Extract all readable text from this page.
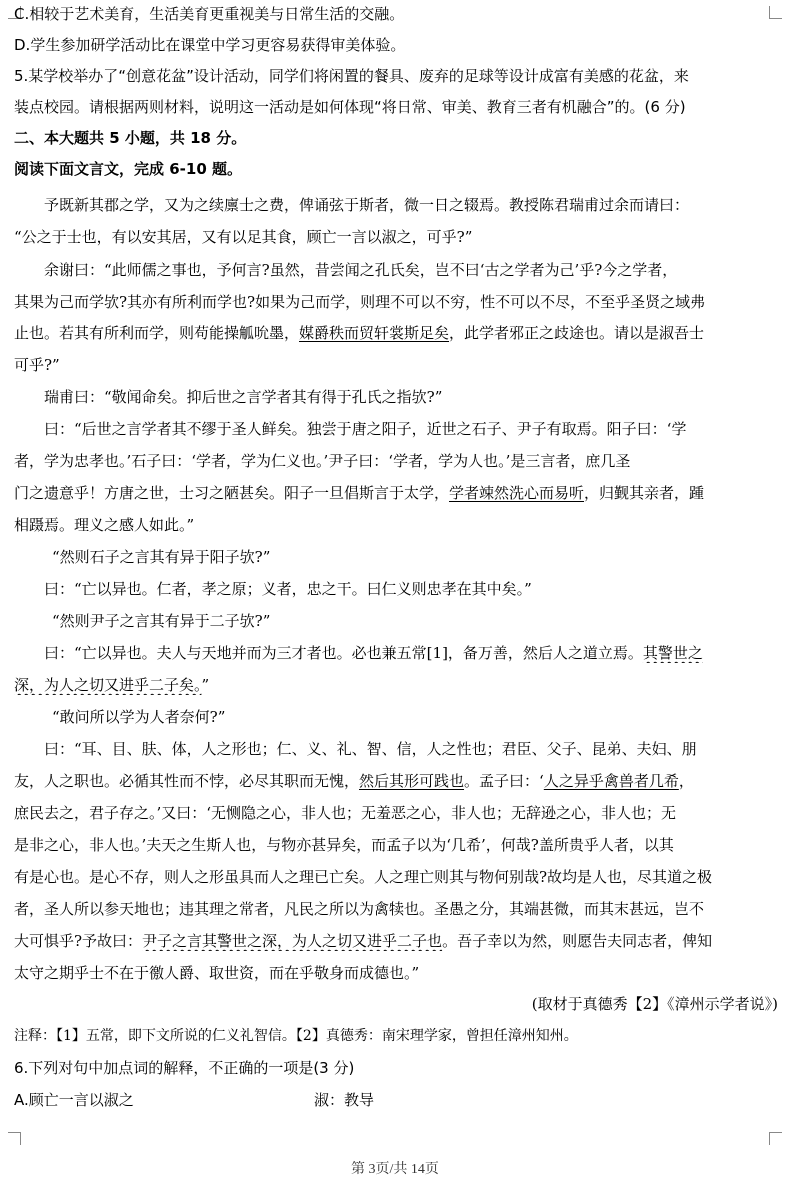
C.相较于艺术美育，生活美育更重视美与日常生活的交融。
D.学生参加研学活动比在课堂中学习更容易获得审美体验。
5.某学校举办了“创意花盆”设计活动，同学们将闲置的餐具、废弃的足球等设计成富有美感的花盆，来
装点校园。请根据两则材料，说明这一活动是如何体现“将日常、审美、教育三者有机融合”的。(6 分)
二、本大题共 5 小题，共 18 分。
阅读下面文言文，完成 6-10 题。
予既新其郡之学，又为之续廪士之费，俾诵弦于斯者，微一日之辍焉。教授陈君瑞甫过余而请曰：
“公之于士也，有以安其居，又有以足其食，顾亡一言以淑之，可乎?”
余谢曰：“此师儒之事也，予何言?虽然，昔尝闻之孔氏矣，岂不曰‘古之学者为己’乎?今之学者，
其果为己而学欤?其亦有所利而学也?如果为己而学，则理不可以不穷，性不可以不尽，不至乎圣贤之域弗
止也。若其有所利而学，则苟能操觚吮墨，媒爵秩而贸轩裳斯足矣，此学者邪正之歧途也。请以是淑吾士
可乎?”
瑞甫曰：“敬闻命矣。抑后世之言学者其有得于孔氏之指欤?”
曰：“后世之言学者其不缪于圣人鲜矣。独尝于唐之阳子，近世之石子、尹子有取焉。阳子曰：‘学
者，学为忠孝也。’石子曰：‘学者，学为仁义也。’尹子曰：‘学者，学为人也。’是三言者，庶几圣
门之遗意乎！方唐之世，士习之陋甚矣。阳子一旦倡斯言于太学，学者竦然洗心而易听，归觐其亲者，踵
相蹑焉。理义之感人如此。”
“然则石子之言其有异于阳子欤?”
曰：“亡以异也。仁者，孝之原；义者，忠之干。曰仁义则忠孝在其中矣。”
“然则尹子之言其有异于二子欤?”
曰：“亡以异也。夫人与天地并而为三才者也。必也兼五常[1]，备万善，然后人之道立焉。其警世之
深，为人之切又进乎二子矣。”
“敢问所以学为人者奈何?”
曰：“耳、目、肤、体，人之形也；仁、义、礼、智、信，人之性也；君臣、父子、昆弟、夫妇、朋
友，人之职也。必循其性而不悖，必尽其职而无愧，然后其形可践也。孟子曰：‘人之异乎禽兽者几希，
庶民去之，君子存之。’又曰：‘无恻隐之心，非人也；无羞恶之心，非人也；无辞逊之心，非人也；无
是非之心，非人也。’夫天之生斯人也，与物亦甚异矣，而孟子以为‘几希’，何哉?盖所贵乎人者，以其
有是心也。是心不存，则人之形虽具而人之理已亡矣。人之理亡则其与物何别哉?故均是人也，尽其道之极
者，圣人所以参天地也；违其理之常者，凡民之所以为禽犊也。圣愚之分，其端甚微，而其末甚远，岂不
大可惧乎?予故曰：尹子之言其警世之深，为人之切又进乎二子也。吾子幸以为然，则愿告夫同志者，俾知
太守之期乎士不在于徼人爵、取世资，而在乎敬身而成德也。”
(取材于真德秀【2】《漳州示学者说》)
注释：【1】五常，即下文所说的仁义礼智信。【2】真德秀：南宋理学家，曾担任漳州知州。
6.下列对句中加点词的解释，不正确的一项是(3 分)
A.顾亡一言以淑之	淑：教导
第 3页/共 14页
